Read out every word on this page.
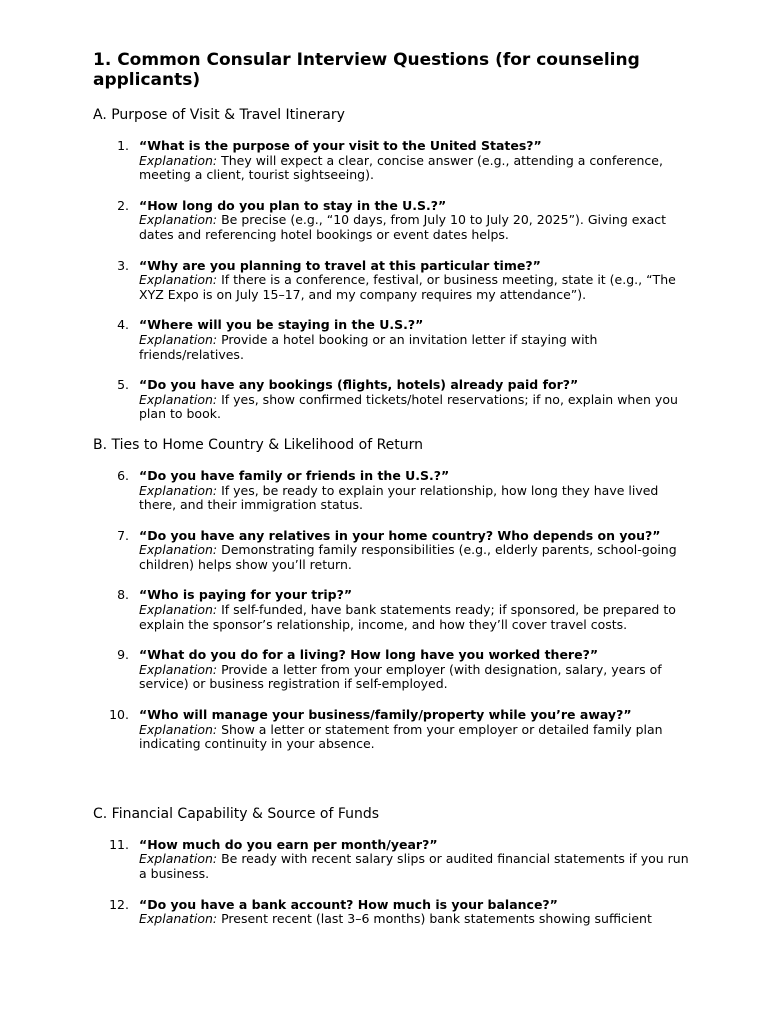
1. Common Consular Interview Questions (for counseling applicants)
A. Purpose of Visit & Travel Itinerary
1. “What is the purpose of your visit to the United States?”
Explanation: They will expect a clear, concise answer (e.g., attending a conference, meeting a client, tourist sightseeing).
2. “How long do you plan to stay in the U.S.?”
Explanation: Be precise (e.g., “10 days, from July 10 to July 20, 2025”). Giving exact dates and referencing hotel bookings or event dates helps.
3. “Why are you planning to travel at this particular time?”
Explanation: If there is a conference, festival, or business meeting, state it (e.g., “The XYZ Expo is on July 15–17, and my company requires my attendance”).
4. “Where will you be staying in the U.S.?”
Explanation: Provide a hotel booking or an invitation letter if staying with friends/relatives.
5. “Do you have any bookings (flights, hotels) already paid for?”
Explanation: If yes, show confirmed tickets/hotel reservations; if no, explain when you plan to book.
B. Ties to Home Country & Likelihood of Return
6. “Do you have family or friends in the U.S.?”
Explanation: If yes, be ready to explain your relationship, how long they have lived there, and their immigration status.
7. “Do you have any relatives in your home country? Who depends on you?”
Explanation: Demonstrating family responsibilities (e.g., elderly parents, school-going children) helps show you’ll return.
8. “Who is paying for your trip?”
Explanation: If self-funded, have bank statements ready; if sponsored, be prepared to explain the sponsor’s relationship, income, and how they’ll cover travel costs.
9. “What do you do for a living? How long have you worked there?”
Explanation: Provide a letter from your employer (with designation, salary, years of service) or business registration if self-employed.
10. “Who will manage your business/family/property while you’re away?”
Explanation: Show a letter or statement from your employer or detailed family plan indicating continuity in your absence.
C. Financial Capability & Source of Funds
11. “How much do you earn per month/year?”
Explanation: Be ready with recent salary slips or audited financial statements if you run a business.
12. “Do you have a bank account? How much is your balance?”
Explanation: Present recent (last 3–6 months) bank statements showing sufficient
